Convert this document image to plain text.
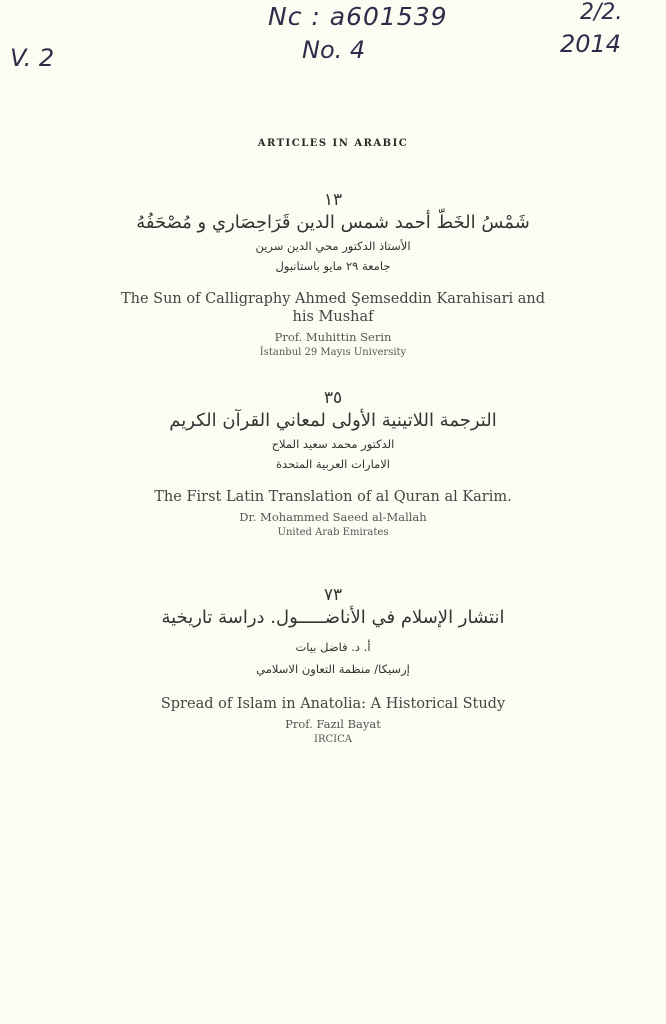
Nc : a601539
V. 2	No. 4
2/2.
2014
ARTICLES IN ARABIC

١٣

شَمْسُ الخَطّ أحمد شمس الدين قَرَاحِصَاري و مُصْحَفُهُ

الأستاذ الدكتور محي الدين سرين

جامعة ٢٩ مايو باستانبول

The Sun of Calligraphy Ahmed Şemseddin Karahisari and his Mushaf

Prof. Muhittin Serin

İstanbul 29 Mayıs University

٣٥

الترجمة اللاتينية الأولى لمعاني القرآن الكريم

الدكتور محمد سعيد الملاح

الامارات العربية المتحدة

The First Latin Translation of al Quran al Karim.

Dr. Mohammed Saeed al-Mallah

United Arab Emirates

٧٣

انتشار الإسلام في الأناضـــــول. دراسة تاريخية

أ. د. فاضل بيات

إرسيكا/ منظمة التعاون الاسلامي

Spread of Islam in Anatolia: A Historical Study

Prof. Fazıl Bayat

IRCICA
